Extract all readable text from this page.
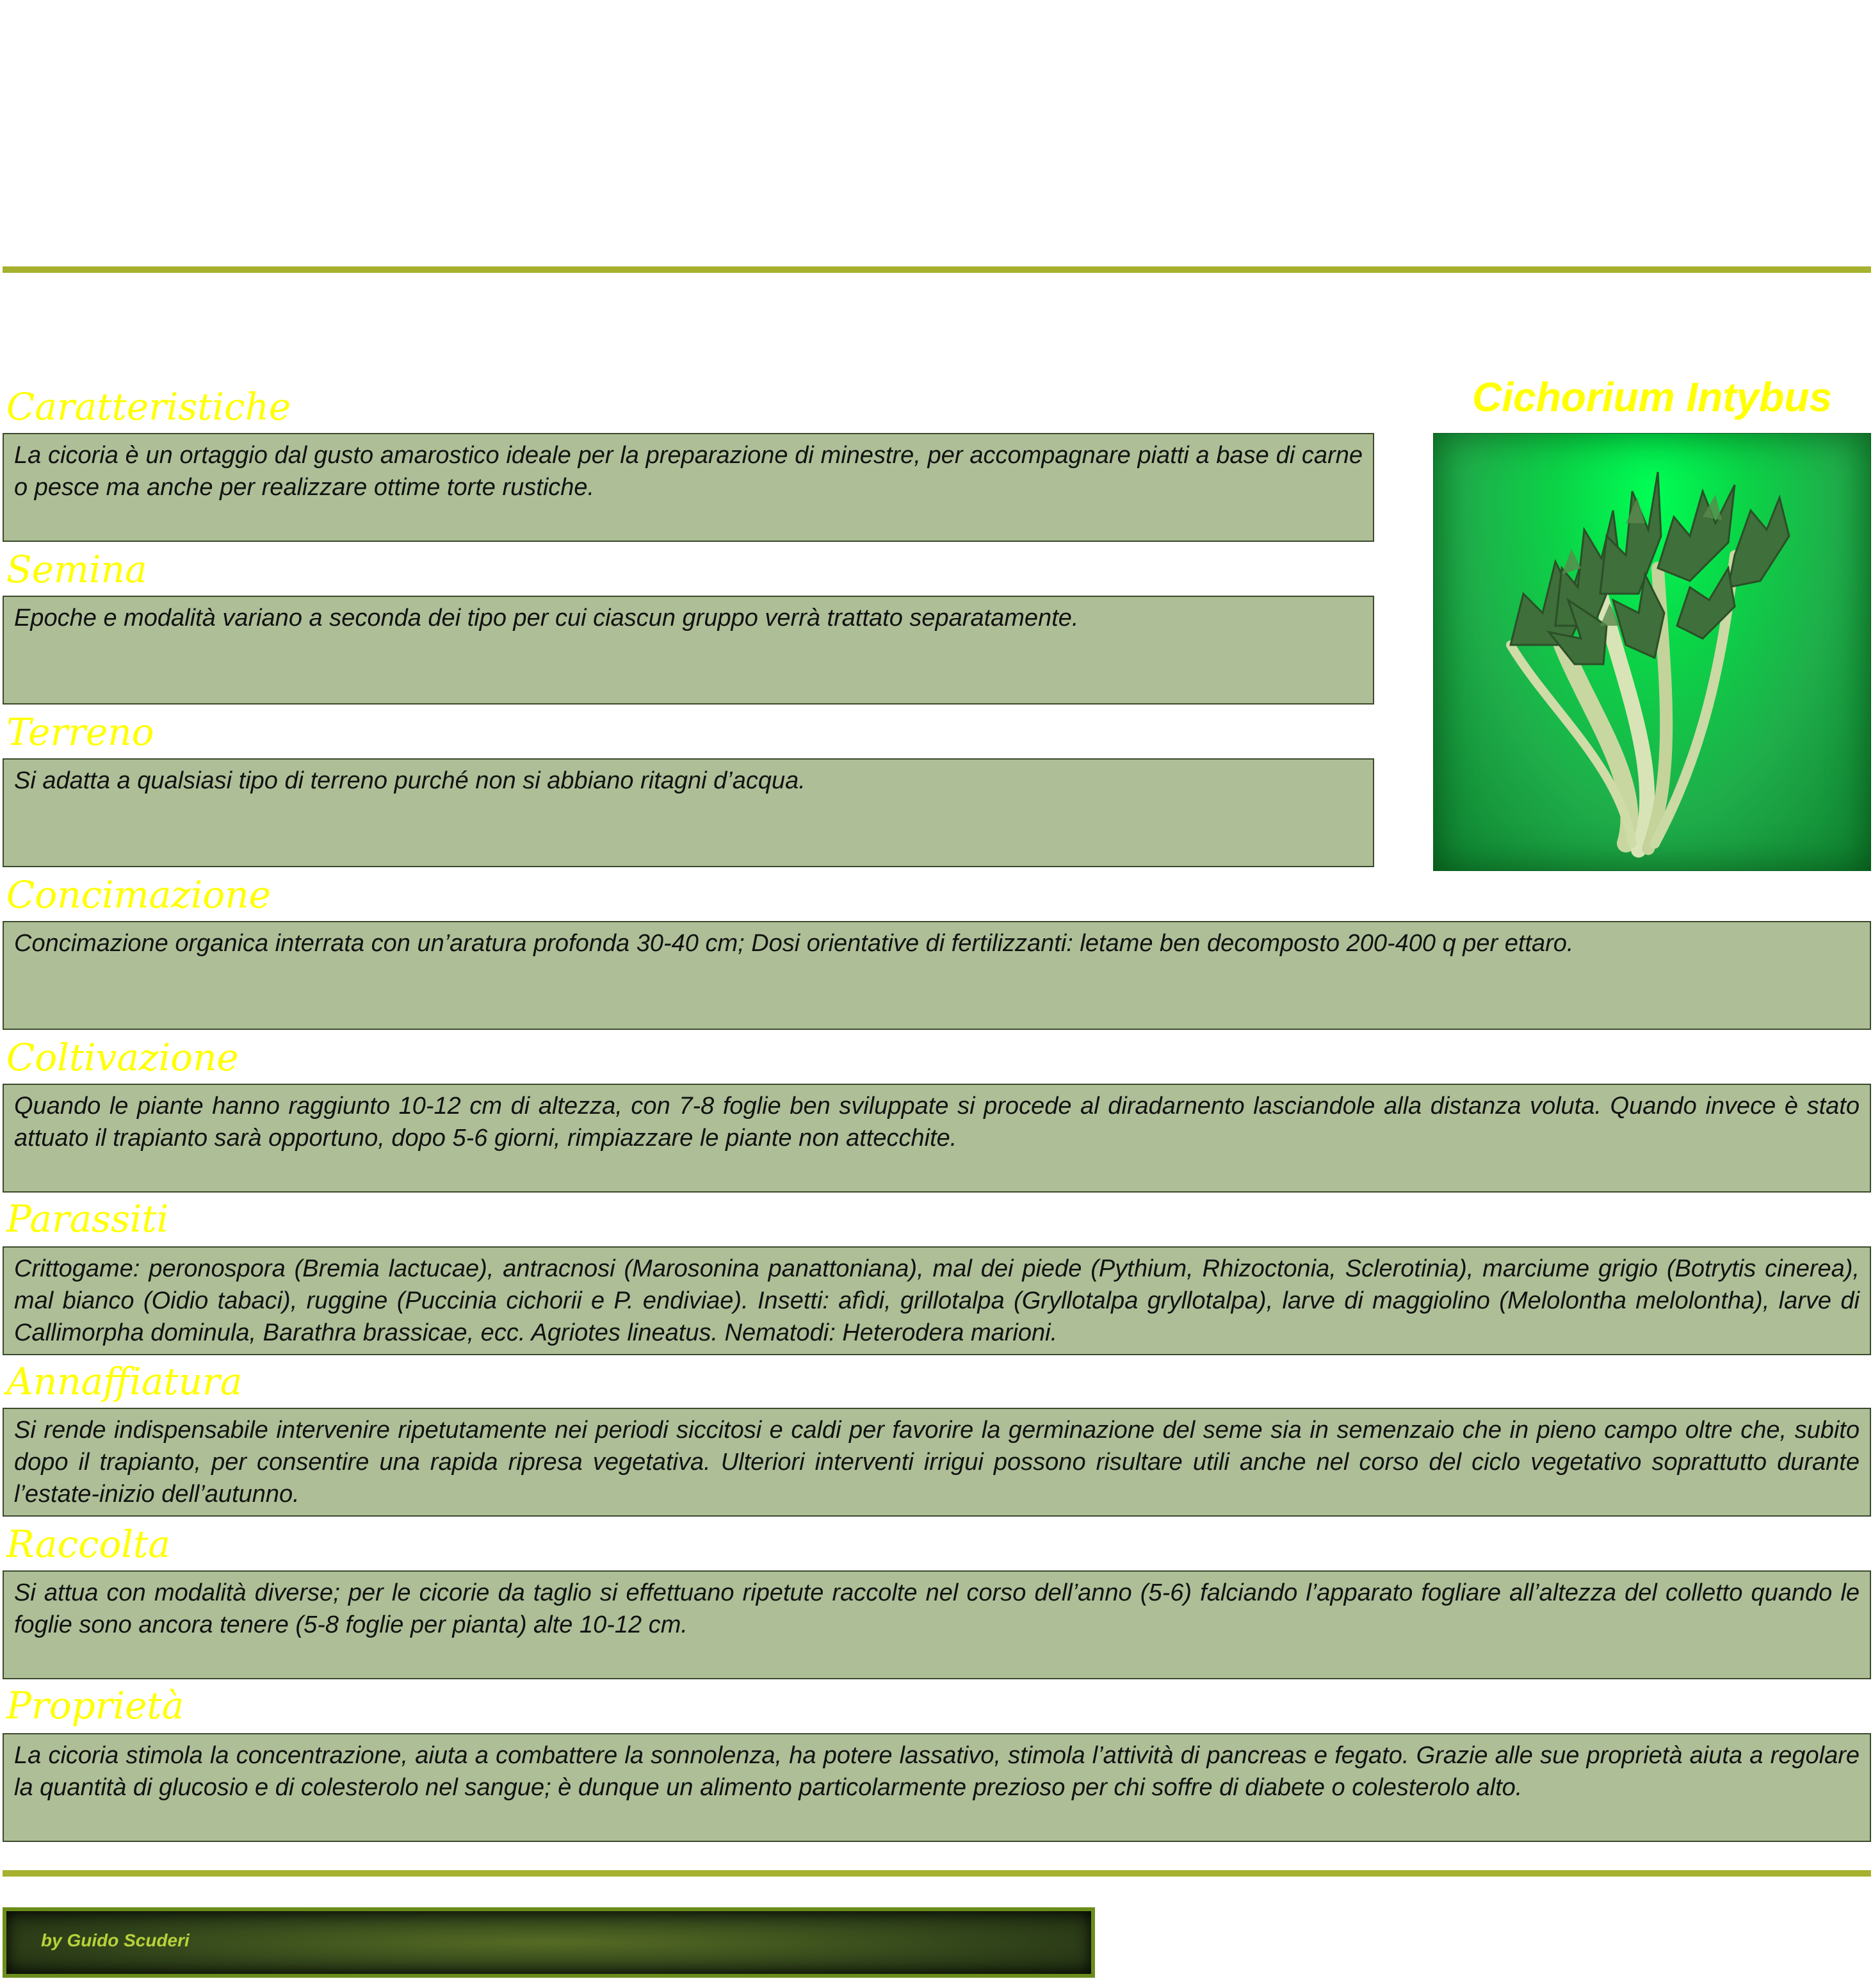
Caratteristiche
La cicoria è un ortaggio dal gusto amarostico ideale per la preparazione di minestre, per accompagnare piatti a base di carne o pesce ma anche per realizzare ottime torte rustiche.
Semina
Epoche e modalità variano a seconda dei tipo per cui ciascun gruppo verrà trattato separatamente.
Terreno
Si adatta a qualsiasi tipo di terreno purché non si abbiano ritagni d’acqua.
Cichorium Intybus
Concimazione
Concimazione organica interrata con un’aratura profonda 30-40 cm; Dosi orientative di fertilizzanti: letame ben decomposto 200-400 q per ettaro.
Coltivazione
Quando le piante hanno raggiunto 10-12 cm di altezza, con 7-8 foglie ben sviluppate si procede al diradarnento lasciandole alla distanza voluta. Quando invece è stato attuato il trapianto sarà opportuno, dopo 5-6 giorni, rimpiazzare le piante non attecchite.
Parassiti
Crittogame: peronospora (Bremia lactucae), antracnosi (Marosonina panattoniana), mal dei piede (Pythium, Rhizoctonia, Sclerotinia), marciume grigio (Botrytis cinerea), mal bianco (Oidio tabaci), ruggine (Puccinia cichorii e P. endiviae). Insetti: afìdi, grillotalpa (Gryllotalpa gryllotalpa), larve di maggiolino (Melolontha melolontha), larve di Callimorpha dominula, Barathra brassicae, ecc. Agriotes lineatus. Nematodi: Heterodera marioni.
Annaffiatura
Si rende indispensabile intervenire ripetutamente nei periodi siccitosi e caldi per favorire la germinazione del seme sia in semenzaio che in pieno campo oltre che, subito dopo il trapianto, per consentire una rapida ripresa vegetativa. Ulteriori interventi irrigui possono risultare utili anche nel corso del ciclo vegetativo soprattutto durante l’estate-inizio dell’autunno.
Raccolta
Si attua con modalità diverse; per le cicorie da taglio si effettuano ripetute raccolte nel corso dell’anno (5-6) falciando l’apparato fogliare all’altezza del colletto quando le foglie sono ancora tenere (5-8 foglie per pianta) alte 10-12 cm.
Proprietà
La cicoria stimola la concentrazione, aiuta a combattere la sonnolenza, ha potere lassativo, stimola l’attività di pancreas e fegato. Grazie alle sue proprietà aiuta a regolare la quantità di glucosio e di colesterolo nel sangue; è dunque un alimento particolarmente prezioso per chi soffre di diabete o colesterolo alto.
by Guido Scuderi
